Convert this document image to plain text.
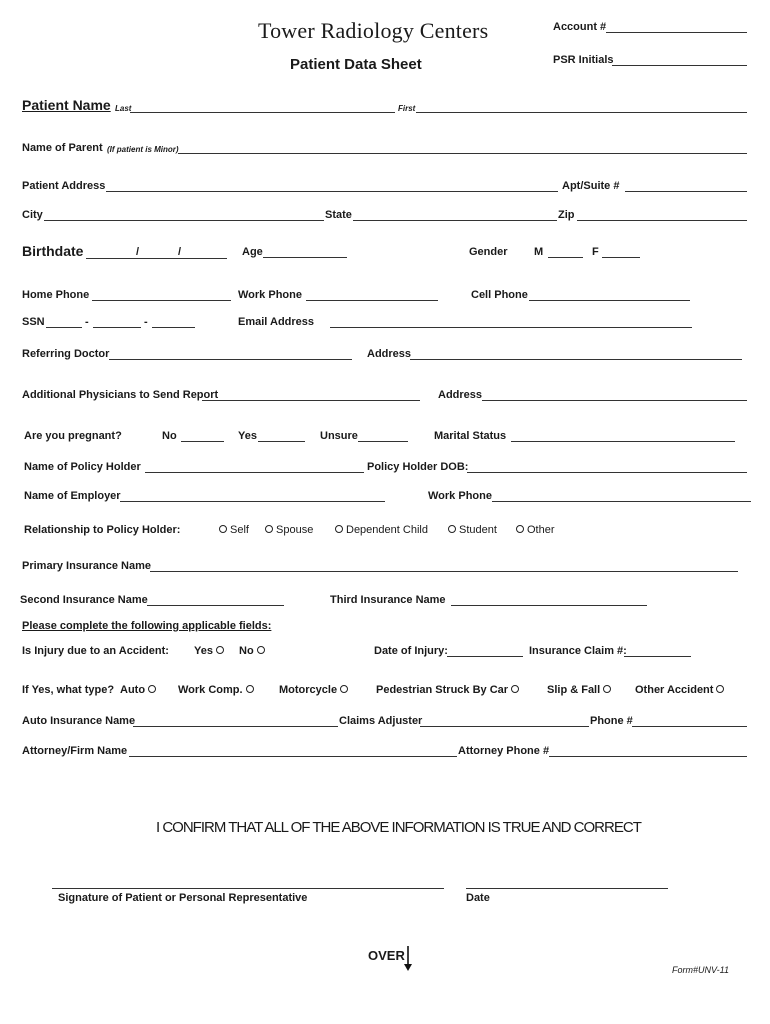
Tower Radiology Centers
Patient Data Sheet
Account #
PSR Initials
Patient Name Last	First
Name of Parent (If patient is Minor)
Patient Address	Apt/Suite #
City	State	Zip
Birthdate	/	/	Age	Gender M	F
Home Phone	Work Phone	Cell Phone
SSN	-	-	Email Address
Referring Doctor	Address
Additional Physicians to Send Report	Address
Are you pregnant?	No	Yes	Unsure	Marital Status
Name of Policy Holder	Policy Holder DOB:
Name of Employer	Work Phone
Relationship to Policy Holder:	Self	Spouse	Dependent Child	Student	Other
Primary Insurance Name
Second Insurance Name	Third Insurance Name
Please complete the following applicable fields:
Is Injury due to an Accident: Yes	No	Date of Injury:	Insurance Claim #:
If Yes, what type? Auto	Work Comp.	Motorcycle	Pedestrian Struck By Car	Slip & Fall	Other Accident
Auto Insurance Name	Claims Adjuster	Phone #
Attorney/Firm Name	Attorney Phone #
I CONFIRM THAT ALL OF THE ABOVE INFORMATION IS TRUE AND CORRECT
Signature of Patient or Personal Representative	Date
OVER
Form#UNV-11
